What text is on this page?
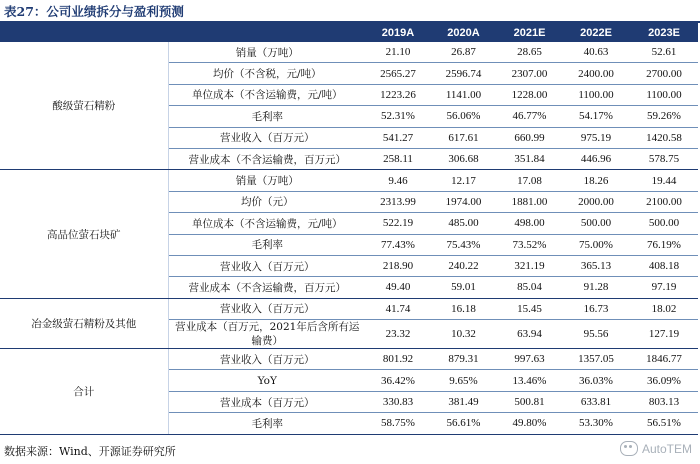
表27：公司业绩拆分与盈利预测
		2019A	2020A	2021E	2022E	2023E
酸级萤石精粉	销量（万吨）	21.10	26.87	28.65	40.63	52.61
	均价（不含税，元/吨）	2565.27	2596.74	2307.00	2400.00	2700.00
	单位成本（不含运输费，元/吨）	1223.26	1141.00	1228.00	1100.00	1100.00
	毛利率	52.31%	56.06%	46.77%	54.17%	59.26%
	营业收入（百万元）	541.27	617.61	660.99	975.19	1420.58
	营业成本（不含运输费，百万元）	258.11	306.68	351.84	446.96	578.75
高品位萤石块矿	销量（万吨）	9.46	12.17	17.08	18.26	19.44
	均价（元）	2313.99	1974.00	1881.00	2000.00	2100.00
	单位成本（不含运输费，元/吨）	522.19	485.00	498.00	500.00	500.00
	毛利率	77.43%	75.43%	73.52%	75.00%	76.19%
	营业收入（百万元）	218.90	240.22	321.19	365.13	408.18
	营业成本（不含运输费，百万元）	49.40	59.01	85.04	91.28	97.19
冶金级萤石精粉及其他	营业收入（百万元）	41.74	16.18	15.45	16.73	18.02
	营业成本（百万元，2021年后含所有运输费）	23.32	10.32	63.94	95.56	127.19
合计	营业收入（百万元）	801.92	879.31	997.63	1357.05	1846.77
	YoY	36.42%	9.65%	13.46%	36.03%	36.09%
	营业成本（百万元）	330.83	381.49	500.81	633.81	803.13
	毛利率	58.75%	56.61%	49.80%	53.30%	56.51%
数据来源：Wind、开源证券研究所	AutoTEM
